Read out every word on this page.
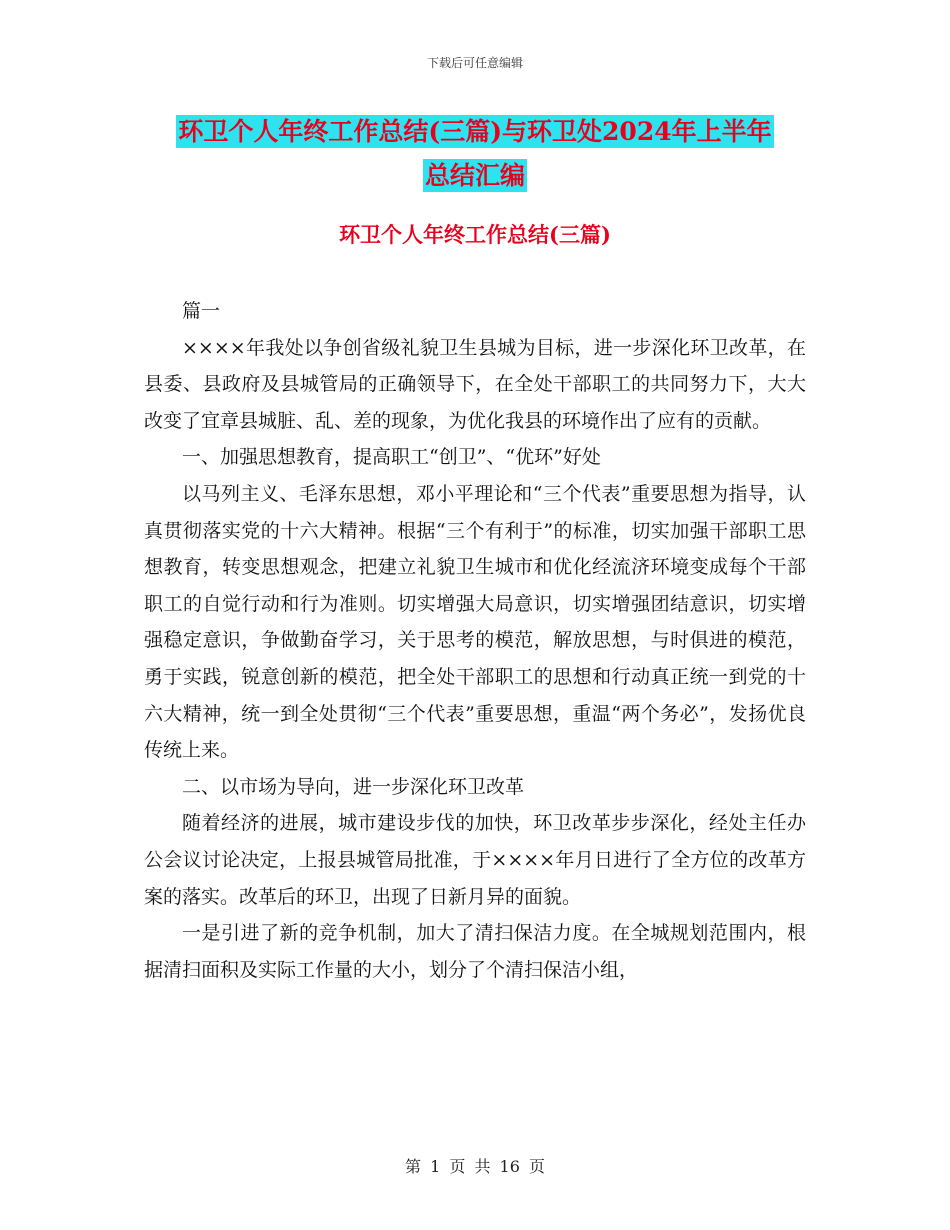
下载后可任意编辑
环卫个人年终工作总结(三篇)与环卫处2024年上半年
总结汇编
环卫个人年终工作总结(三篇)

篇一

××××年我处以争创省级礼貌卫生县城为目标，进一步深化环卫改革，在县委、县政府及县城管局的正确领导下，在全处干部职工的共同努力下，大大改变了宜章县城脏、乱、差的现象，为优化我县的环境作出了应有的贡献。

一、加强思想教育，提高职工“创卫”、“优环”好处

以马列主义、毛泽东思想，邓小平理论和“三个代表”重要思想为指导，认真贯彻落实党的十六大精神。根据“三个有利于”的标准，切实加强干部职工思想教育，转变思想观念，把建立礼貌卫生城市和优化经流济环境变成每个干部职工的自觉行动和行为准则。切实增强大局意识，切实增强团结意识，切实增强稳定意识，争做勤奋学习，关于思考的模范，解放思想，与时俱进的模范，勇于实践，锐意创新的模范，把全处干部职工的思想和行动真正统一到党的十六大精神，统一到全处贯彻“三个代表”重要思想，重温“两个务必”，发扬优良传统上来。

二、以市场为导向，进一步深化环卫改革

随着经济的进展，城市建设步伐的加快，环卫改革步步深化，经处主任办公会议讨论决定，上报县城管局批准，于××××年月日进行了全方位的改革方案的落实。改革后的环卫，出现了日新月异的面貌。

一是引进了新的竞争机制，加大了清扫保洁力度。在全城规划范围内，根据清扫面积及实际工作量的大小，划分了个清扫保洁小组，

第 1 页 共 16 页
